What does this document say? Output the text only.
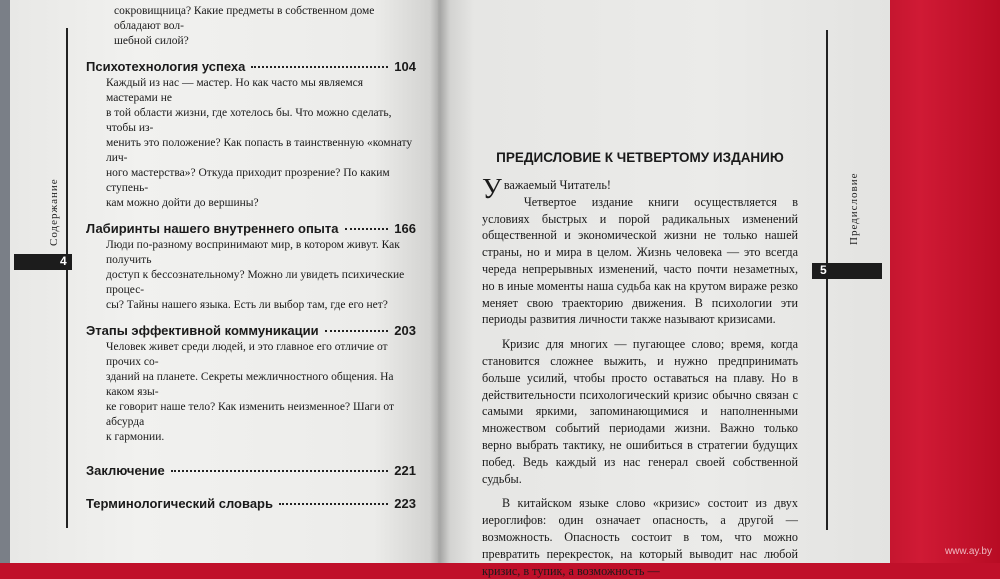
4
Содержание
5
Предисловие

сокровищница? Какие предметы в собственном доме обладают вол-

шебной силой?

Психотехнология успеха	104

Каждый из нас — мастер. Но как часто мы являемся мастерами не

в той области жизни, где хотелось бы. Что можно сделать, чтобы из-

менить это положение? Как попасть в таинственную «комнату лич-

ного мастерства»? Откуда приходит прозрение? По каким ступень-

кам можно дойти до вершины?

Лабиринты нашего внутреннего опыта	166

Люди по-разному воспринимают мир, в котором живут. Как получить

доступ к бессознательному? Можно ли увидеть психические процес-

сы? Тайны нашего языка. Есть ли выбор там, где его нет?

Этапы эффективной коммуникации	203

Человек живет среди людей, и это главное его отличие от прочих со-

зданий на планете. Секреты межличностного общения. На каком язы-

ке говорит наше тело? Как изменить неизменное? Шаги от абсурда

к гармонии.

Заключение	221
Терминологический словарь	223
ПРЕДИСЛОВИЕ К ЧЕТВЕРТОМУ ИЗДАНИЮ

Уважаемый Читатель!

Четвертое издание книги осуществляется в условиях быстрых и порой радикальных изменений общественной и экономической жизни не только нашей страны, но и мира в целом. Жизнь человека — это всегда череда непрерывных изменений, часто почти незаметных, но в иные моменты наша судьба как на крутом вираже резко меняет свою траекторию движения. В психологии эти периоды развития личности также называют кризисами.

Кризис для многих — пугающее слово; время, когда становится сложнее выжить, и нужно предпринимать больше усилий, чтобы просто оставаться на плаву. Но в действительности психологический кризис обычно связан с самыми яркими, запоминающимися и наполненными множеством событий периодами жизни. Важно только верно выбрать тактику, не ошибиться в стратегии будущих побед. Ведь каждый из нас генерал своей собственной судьбы.

В китайском языке слово «кризис» состоит из двух иероглифов: один означает опасность, а другой — возможность. Опасность состоит в том, что можно превратить перекресток, на который выводит нас любой кризис, в тупик, а возможность —

www.ay.by
